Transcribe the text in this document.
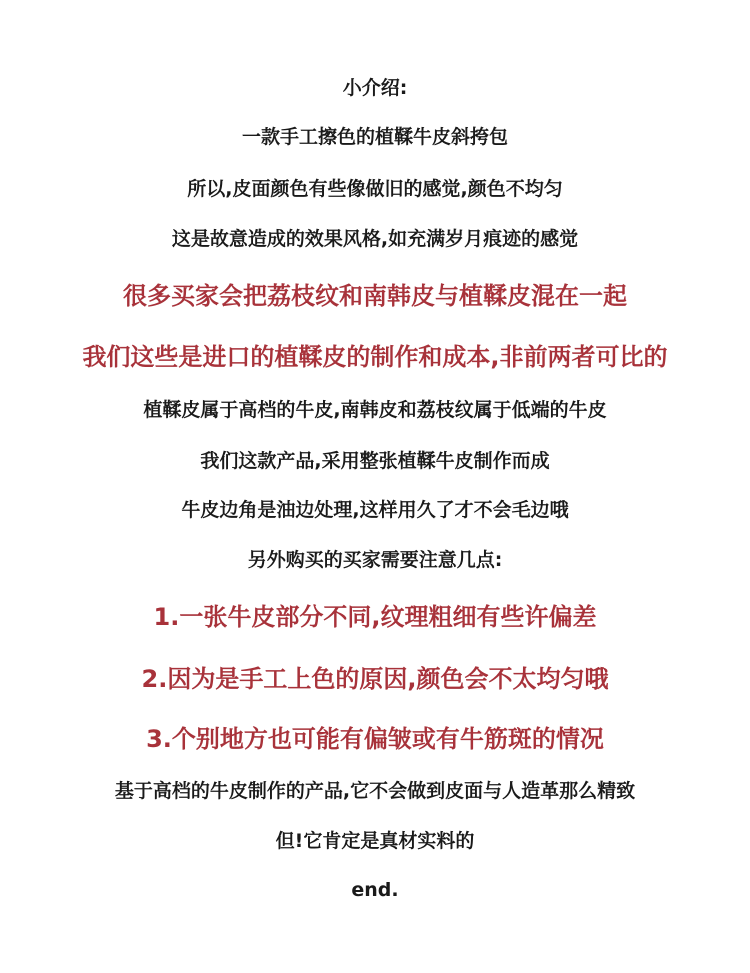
小介绍:
一款手工擦色的植鞣牛皮斜挎包
所以,皮面颜色有些像做旧的感觉,颜色不均匀
这是故意造成的效果风格,如充满岁月痕迹的感觉
很多买家会把荔枝纹和南韩皮与植鞣皮混在一起
我们这些是进口的植鞣皮的制作和成本,非前两者可比的
植鞣皮属于高档的牛皮,南韩皮和荔枝纹属于低端的牛皮
我们这款产品,采用整张植鞣牛皮制作而成
牛皮边角是油边处理,这样用久了才不会毛边哦
另外购买的买家需要注意几点:
1.一张牛皮部分不同,纹理粗细有些许偏差
2.因为是手工上色的原因,颜色会不太均匀哦
3.个别地方也可能有偏皱或有牛筋斑的情况
基于高档的牛皮制作的产品,它不会做到皮面与人造革那么精致
但!它肯定是真材实料的
end.
